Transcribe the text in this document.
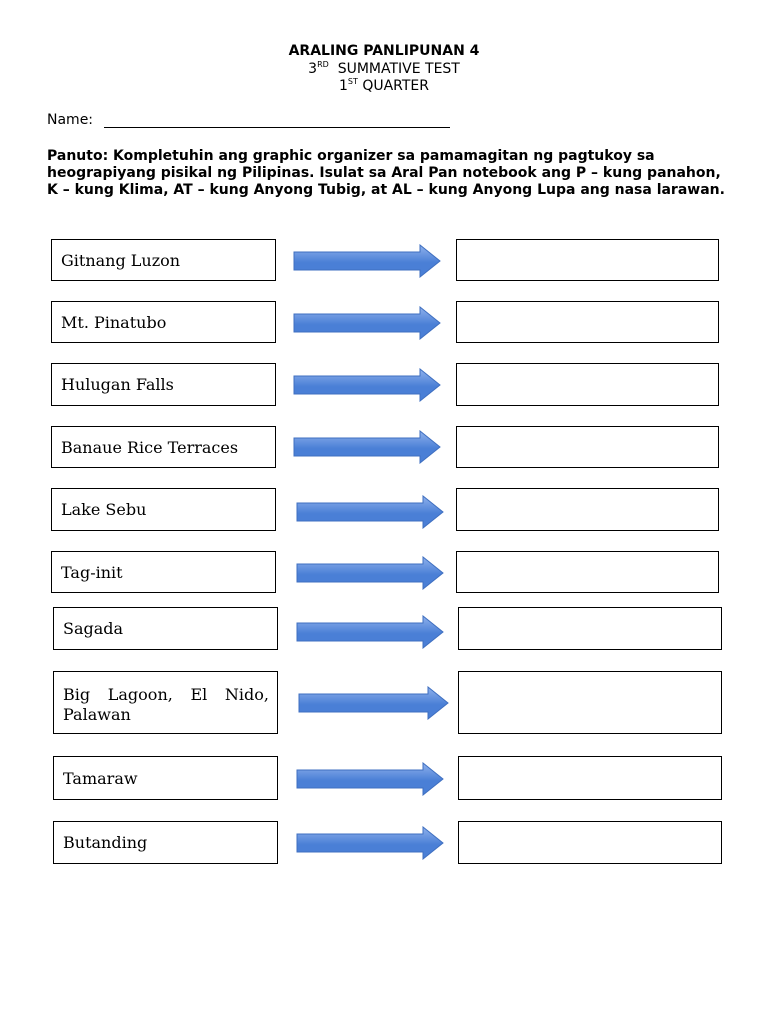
ARALING PANLIPUNAN 4
3RD SUMMATIVE TEST
1ST QUARTER
Name:

Panuto: Kompletuhin ang graphic organizer sa pamamagitan ng pagtukoy sa heograpiyang pisikal ng Pilipinas. Isulat sa Aral Pan notebook ang P – kung panahon,

K – kung Klima, AT – kung Anyong Tubig, at AL – kung Anyong Lupa ang nasa larawan.

Gitnang Luzon
Mt. Pinatubo
Hulugan Falls
Banaue Rice Terraces
Lake Sebu
Tag-init
Sagada
Big Lagoon, El Nido, Palawan
Tamaraw
Butanding
